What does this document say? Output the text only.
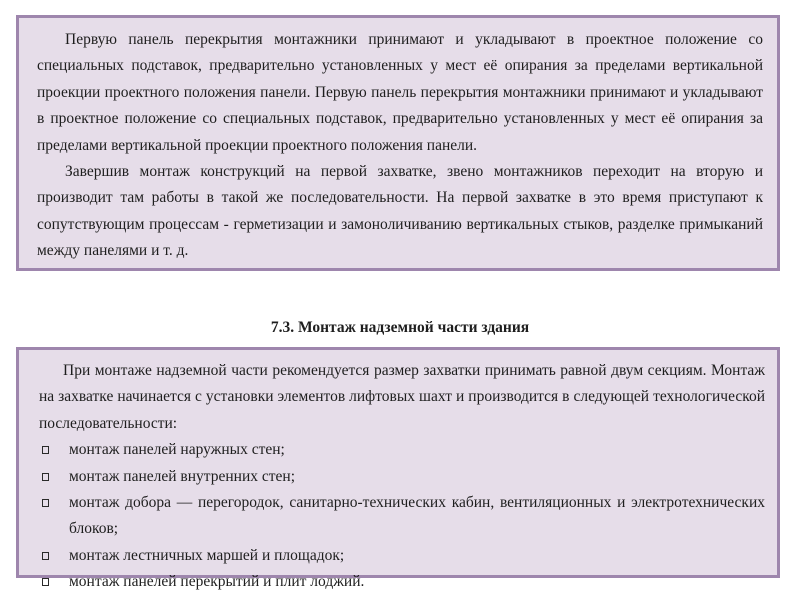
Первую панель перекрытия монтажники принимают и укладывают в проектное положение со специальных подставок, предварительно установленных у мест её опирания за пределами вертикальной проекции проектного положения панели. Первую панель перекрытия монтажники принимают и укладывают в проектное положение со специальных подставок, предварительно установленных у мест её опирания за пределами вертикальной проекции проектного положения панели.

Завершив монтаж конструкций на первой захватке, звено монтажников переходит на вторую и производит там работы в такой же последовательности. На первой захватке в это время приступают к сопутствующим процессам - герметизации и замоноличиванию вертикальных стыков, разделке примыканий между панелями и т. д.

7.3. Монтаж надземной части здания

При монтаже надземной части рекомендуется размер захватки принимать равной двум секциям. Монтаж на захватке начинается с установки элементов лифтовых шахт и производится в следующей технологической последовательности:

монтаж панелей наружных стен;
монтаж панелей внутренних стен;
монтаж добора — перегородок, санитарно-технических кабин, вентиляционных и электротехнических блоков;
монтаж лестничных маршей и площадок;
монтаж панелей перекрытий и плит лоджий.
